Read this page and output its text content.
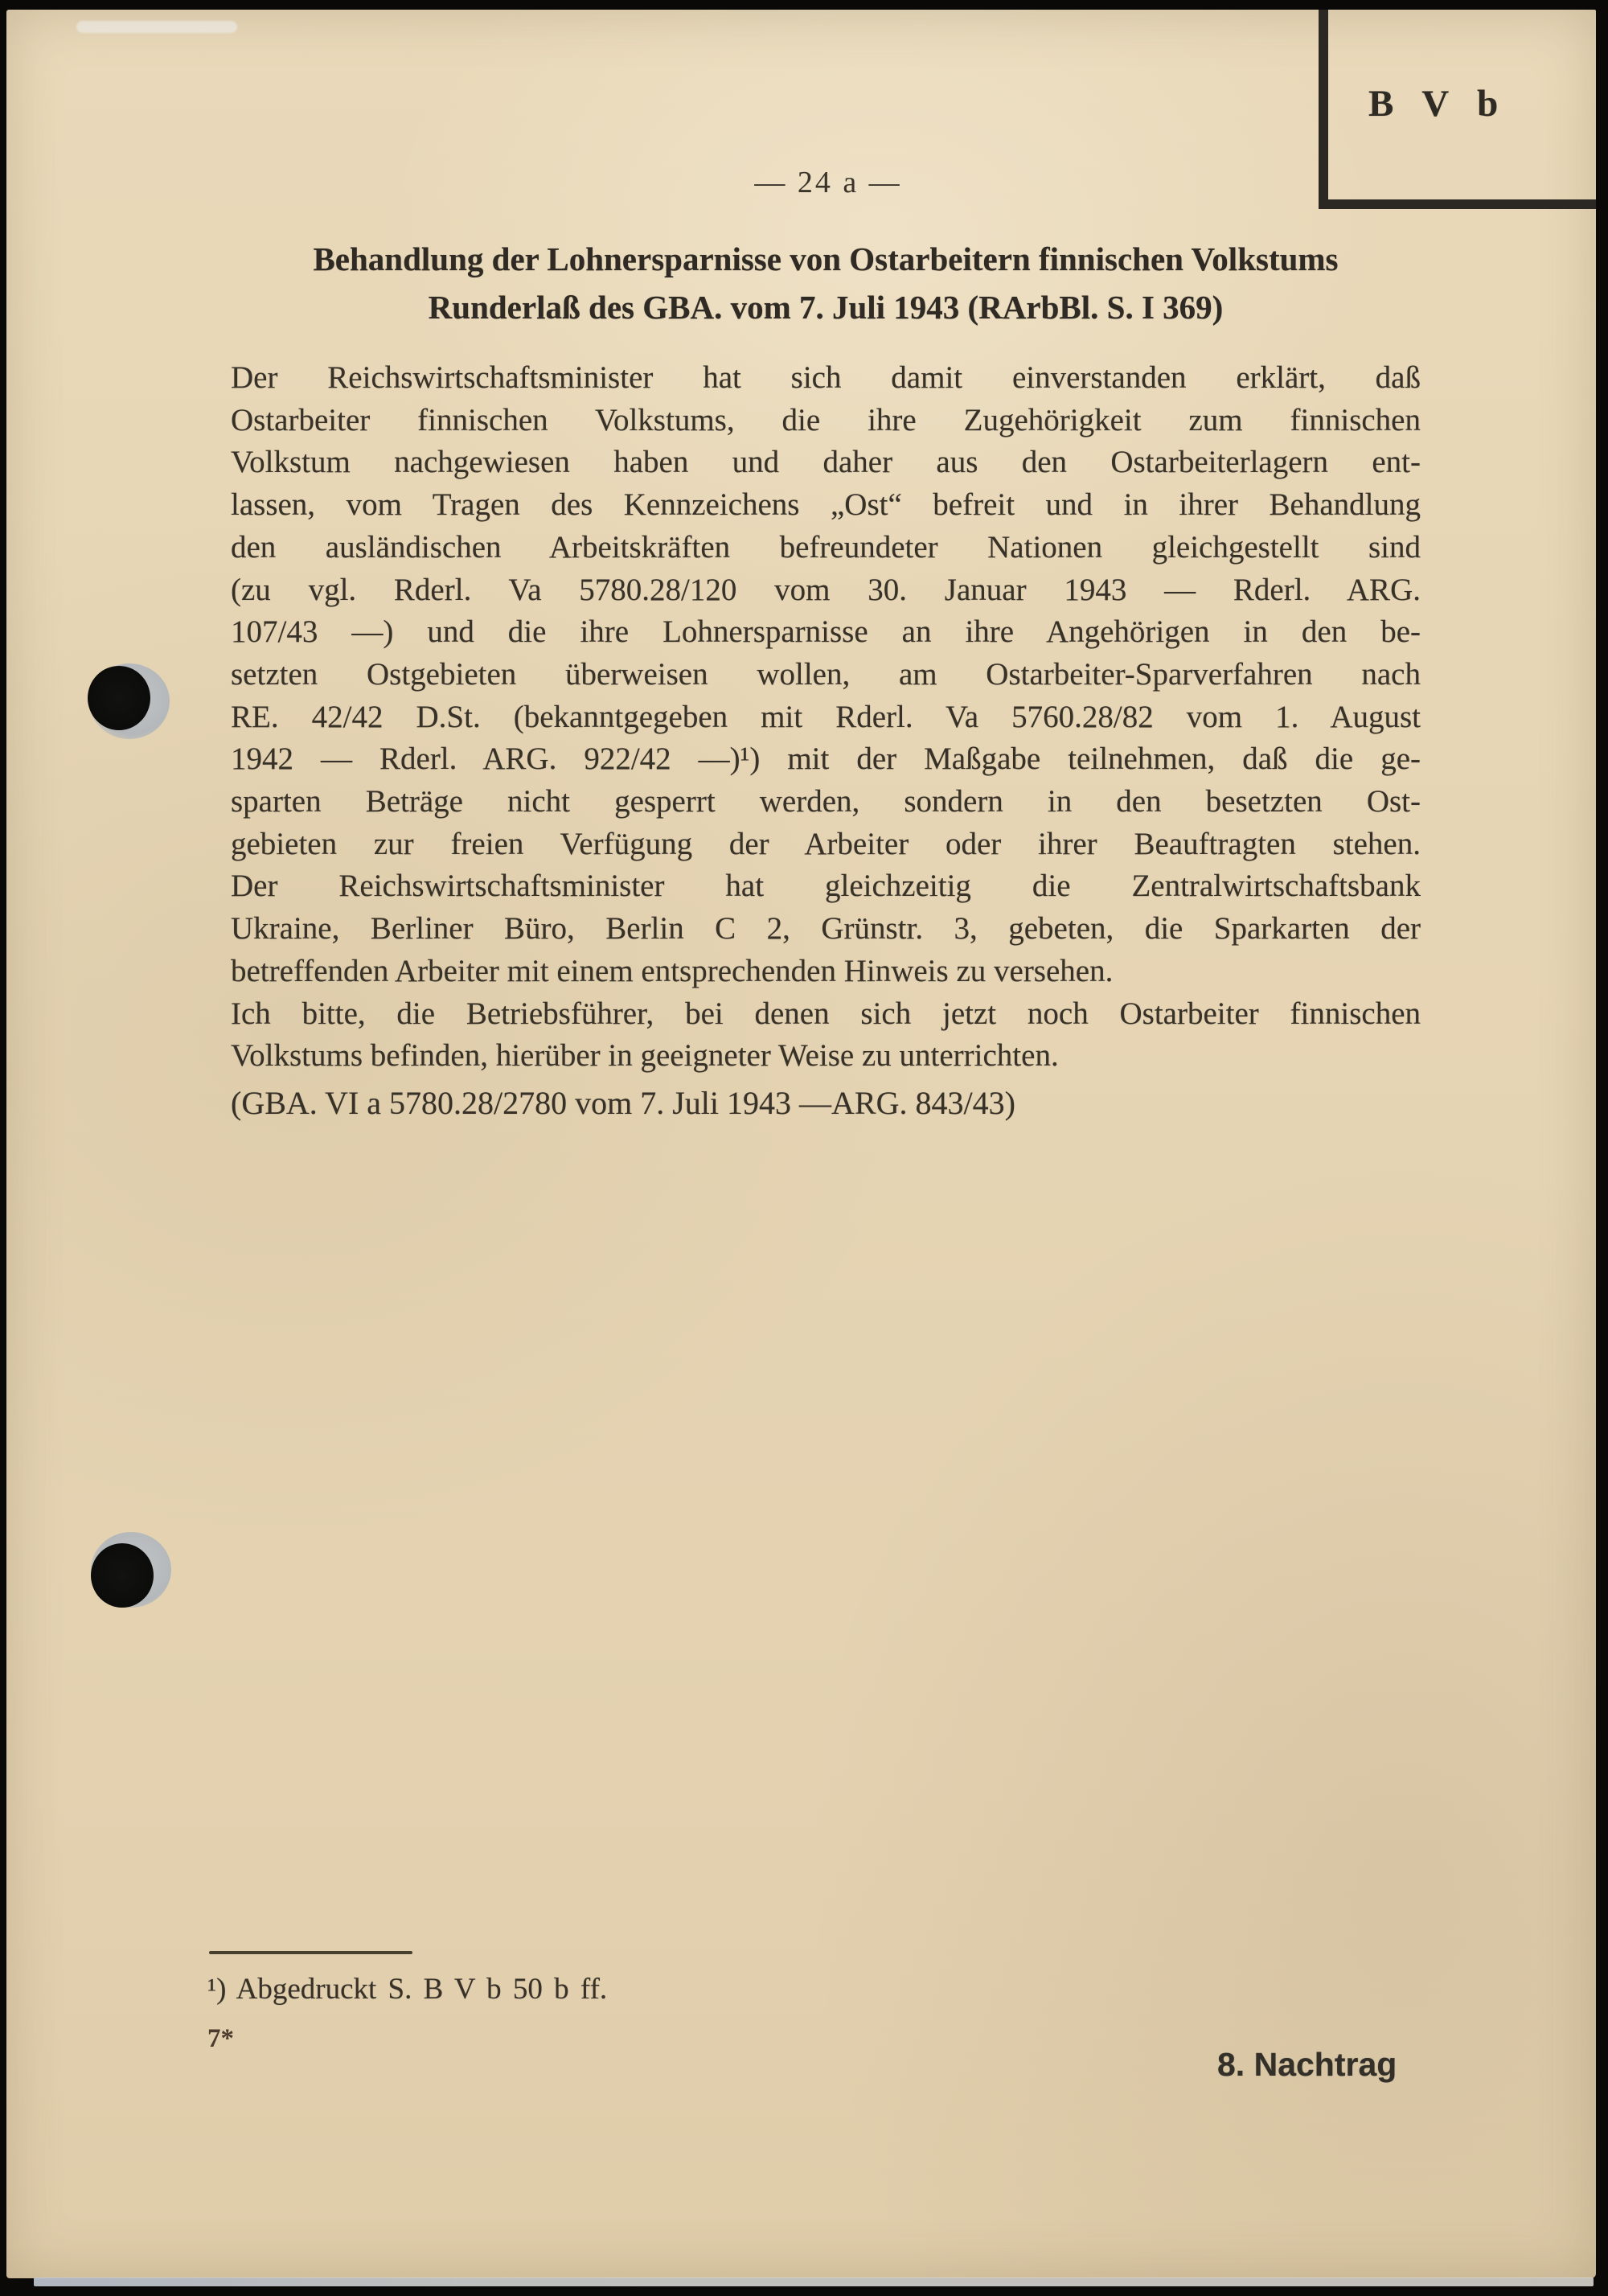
B V b
— 24 a —
Behandlung der Lohnersparnisse von Ostarbeitern finnischen Volkstums
Runderlaß des GBA. vom 7. Juli 1943 (RArbBl. S. I 369)
Der Reichswirtschaftsminister hat sich damit einverstanden erklärt, daß
Ostarbeiter finnischen Volkstums, die ihre Zugehörigkeit zum finnischen
Volkstum nachgewiesen haben und daher aus den Ostarbeiterlagern ent-
lassen, vom Tragen des Kennzeichens „Ost“ befreit und in ihrer Behandlung
den ausländischen Arbeitskräften befreundeter Nationen gleichgestellt sind
(zu vgl. Rderl. Va 5780.28/120 vom 30. Januar 1943 — Rderl. ARG.
107/43 —) und die ihre Lohnersparnisse an ihre Angehörigen in den be-
setzten Ostgebieten überweisen wollen, am Ostarbeiter-Sparverfahren nach
RE. 42/42 D.St. (bekanntgegeben mit Rderl. Va 5760.28/82 vom 1. August
1942 — Rderl. ARG. 922/42 —)¹) mit der Maßgabe teilnehmen, daß die ge-
sparten Beträge nicht gesperrt werden, sondern in den besetzten Ost-
gebieten zur freien Verfügung der Arbeiter oder ihrer Beauftragten stehen.
Der Reichswirtschaftsminister hat gleichzeitig die Zentralwirtschaftsbank
Ukraine, Berliner Büro, Berlin C 2, Grünstr. 3, gebeten, die Sparkarten der
betreffenden Arbeiter mit einem entsprechenden Hinweis zu versehen.
Ich bitte, die Betriebsführer, bei denen sich jetzt noch Ostarbeiter finnischen
Volkstums befinden, hierüber in geeigneter Weise zu unterrichten.
(GBA. VI a 5780.28/2780 vom 7. Juli 1943 —ARG. 843/43)
¹) Abgedruckt S. B V b 50 b ff.
7*
8. Nachtrag
